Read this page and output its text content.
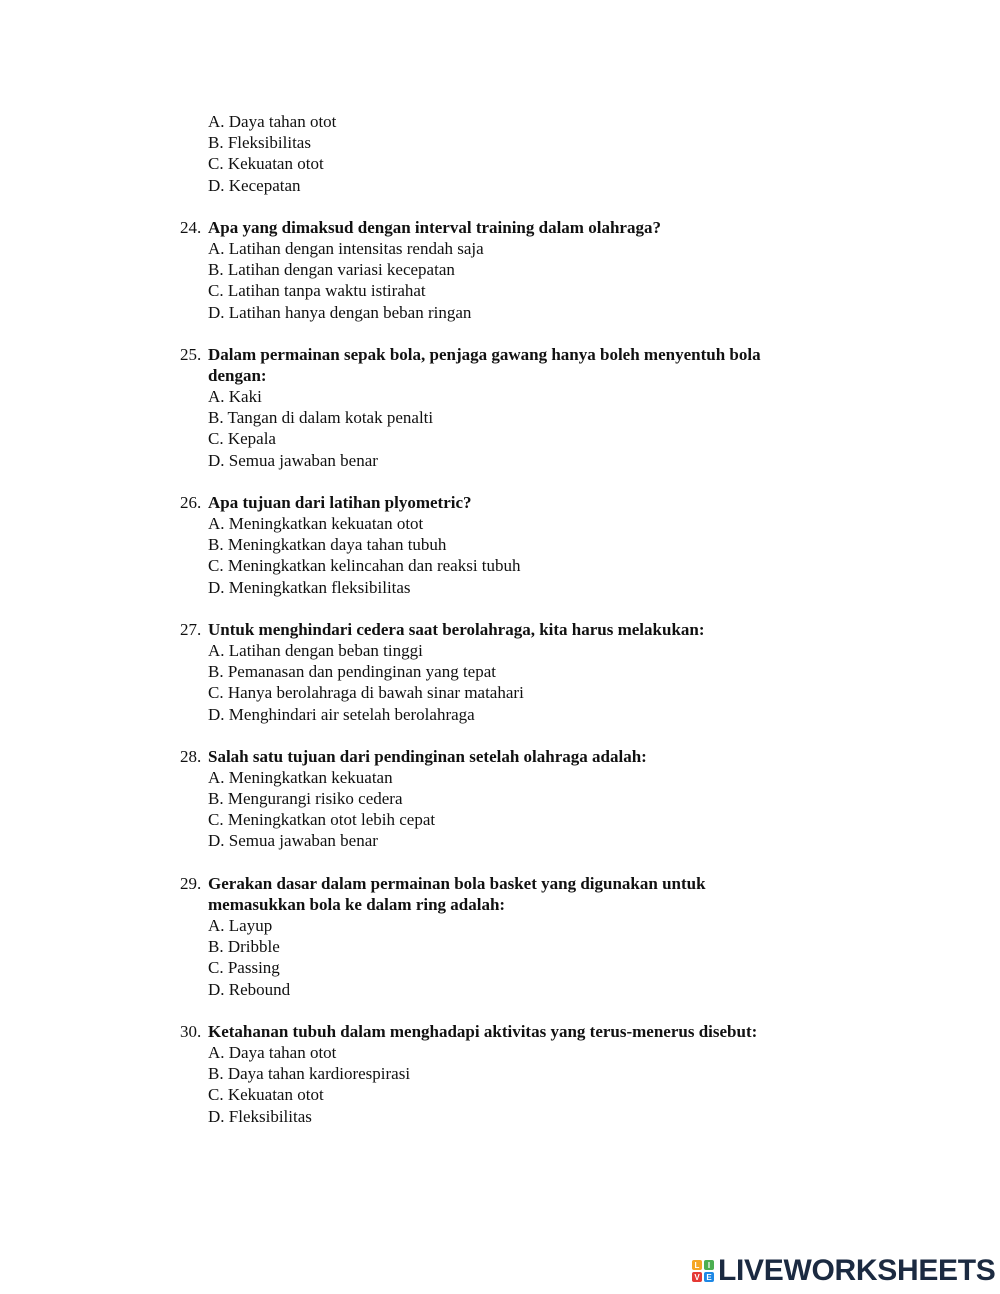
A. Daya tahan otot
B. Fleksibilitas
C. Kekuatan otot
D. Kecepatan
24. Apa yang dimaksud dengan interval training dalam olahraga?
A. Latihan dengan intensitas rendah saja
B. Latihan dengan variasi kecepatan
C. Latihan tanpa waktu istirahat
D. Latihan hanya dengan beban ringan
25. Dalam permainan sepak bola, penjaga gawang hanya boleh menyentuh bola
dengan:
A. Kaki
B. Tangan di dalam kotak penalti
C. Kepala
D. Semua jawaban benar
26. Apa tujuan dari latihan plyometric?
A. Meningkatkan kekuatan otot
B. Meningkatkan daya tahan tubuh
C. Meningkatkan kelincahan dan reaksi tubuh
D. Meningkatkan fleksibilitas
27. Untuk menghindari cedera saat berolahraga, kita harus melakukan:
A. Latihan dengan beban tinggi
B. Pemanasan dan pendinginan yang tepat
C. Hanya berolahraga di bawah sinar matahari
D. Menghindari air setelah berolahraga
28. Salah satu tujuan dari pendinginan setelah olahraga adalah:
A. Meningkatkan kekuatan
B. Mengurangi risiko cedera
C. Meningkatkan otot lebih cepat
D. Semua jawaban benar
29. Gerakan dasar dalam permainan bola basket yang digunakan untuk
memasukkan bola ke dalam ring adalah:
A. Layup
B. Dribble
C. Passing
D. Rebound
30. Ketahanan tubuh dalam menghadapi aktivitas yang terus-menerus disebut:
A. Daya tahan otot
B. Daya tahan kardiorespirasi
C. Kekuatan otot
D. Fleksibilitas
L	I
V E LIVEWORKSHEETS
